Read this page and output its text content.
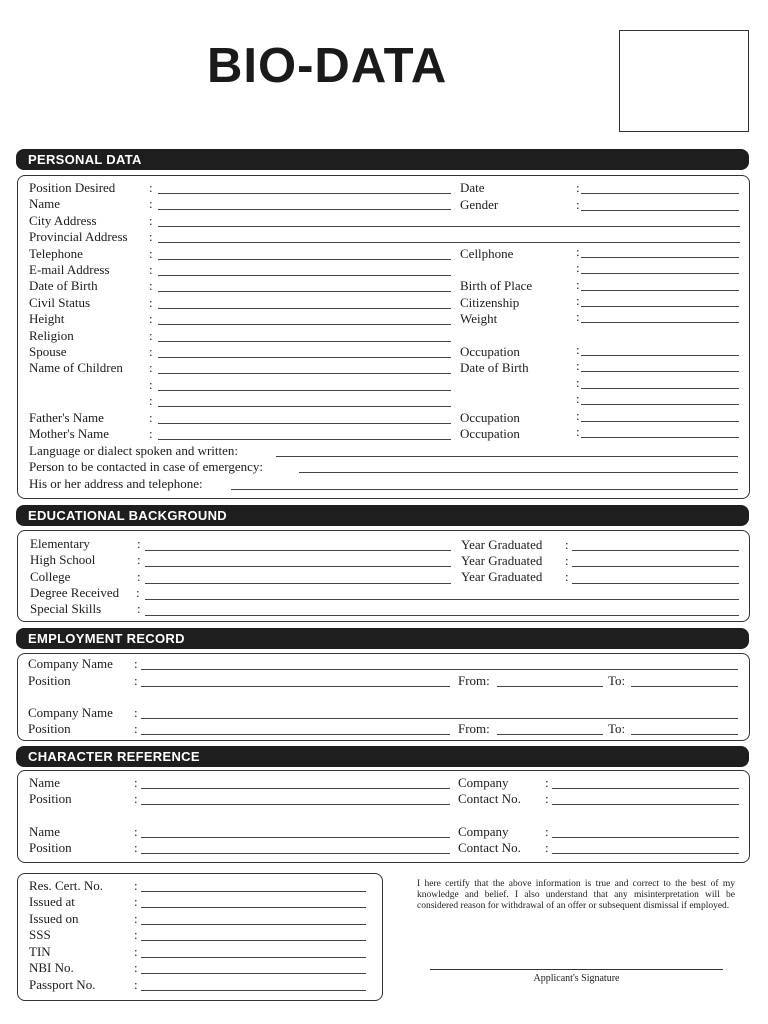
BIO-DATA
PERSONAL DATA
Position Desired
Name
City Address
Provincial Address
Telephone
E-mail Address
Date of Birth
Civil Status
Height
Religion
Spouse
Name of Children
Father's Name
Mother's Name
Language or dialect spoken and written:
Person to be contacted in case of emergency:
His or her address and telephone:
:
:
:
:
:
:
:
:
:
:
:
:
:
:
:
:
Date
Gender
Cellphone
Birth of Place
Citizenship
Weight
Occupation
Date of Birth
Occupation
Occupation
:
:
:
:
:
:
:
:
:
:
:
:
:
EDUCATIONAL BACKGROUND
Elementary
High School
College
Degree Received
Special Skills
:
:
:
:
:
Year Graduated
Year Graduated
Year Graduated
:
:
:
EMPLOYMENT RECORD
Company Name
Position
Company Name
Position
:
:
:
:
From:	To:
From:	To:
CHARACTER REFERENCE
Name
Position
Name
Position
:
:
:
:
Company
Contact No.
Company
Contact No.
:
:
:
:
Res. Cert. No.
Issued at
Issued on
SSS
TIN
NBI No.
Passport No.
:
:
:
:
:
:
:
I here certify that the above information is true and correct to the best of my knowledge and belief. I also understand that any misinterpretation will be considered reason for withdrawal of an offer or subsequent dismissal if employed.
Applicant's Signature
